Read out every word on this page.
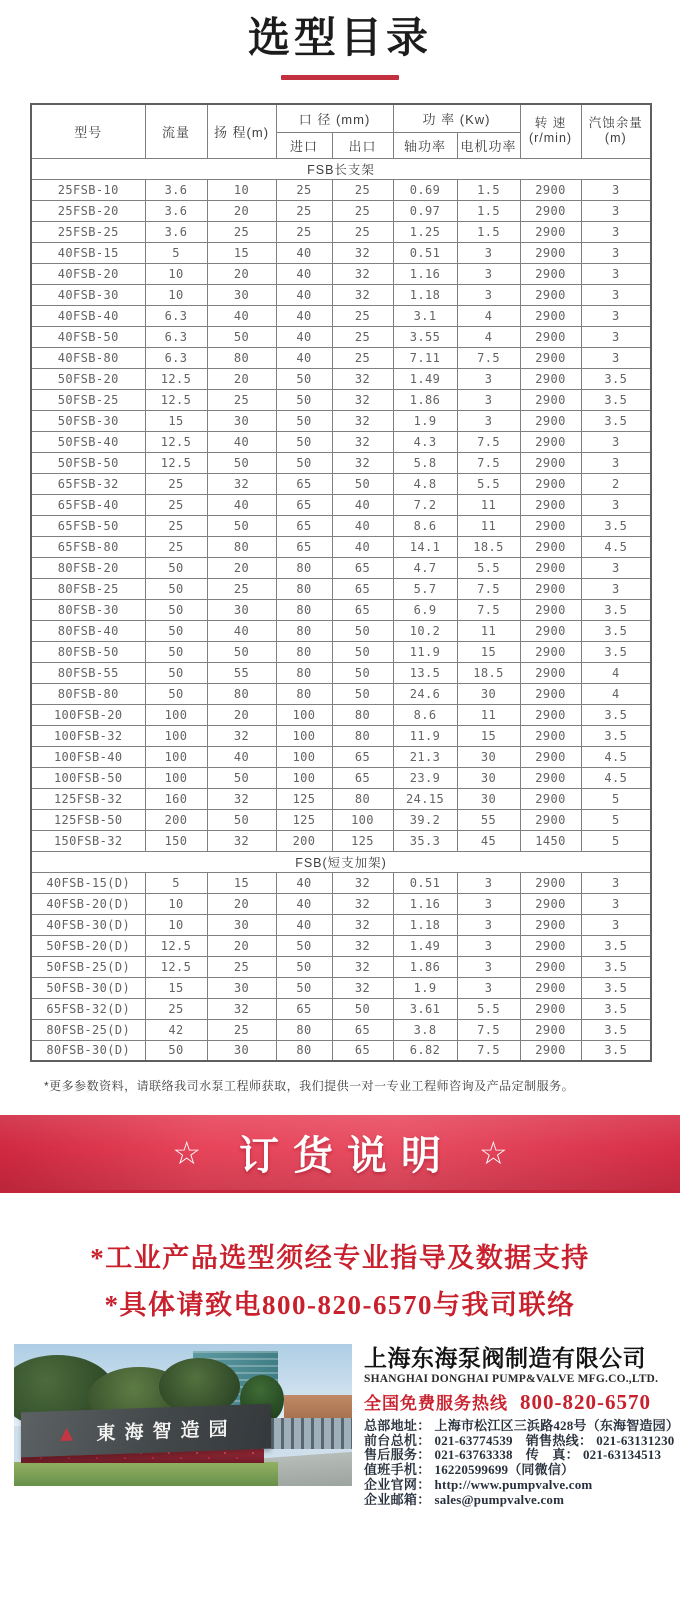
选型目录
型号	流量	扬 程(m)	口 径 (mm)	功 率 (Kw)	转 速
(r/min)

汽蚀余量
(m)

			进口	出口	轴功率	电机功率		
FSB长支架								
25FSB-10	3.6	10	25	25	0.69	1.5	2900	3
25FSB-20	3.6	20	25	25	0.97	1.5	2900	3
25FSB-25	3.6	25	25	25	1.25	1.5	2900	3
40FSB-15	5	15	40	32	0.51	3	2900	3
40FSB-20	10	20	40	32	1.16	3	2900	3
40FSB-30	10	30	40	32	1.18	3	2900	3
40FSB-40	6.3	40	40	25	3.1	4	2900	3
40FSB-50	6.3	50	40	25	3.55	4	2900	3
40FSB-80	6.3	80	40	25	7.11	7.5	2900	3
50FSB-20	12.5	20	50	32	1.49	3	2900	3.5
50FSB-25	12.5	25	50	32	1.86	3	2900	3.5
50FSB-30	15	30	50	32	1.9	3	2900	3.5
50FSB-40	12.5	40	50	32	4.3	7.5	2900	3
50FSB-50	12.5	50	50	32	5.8	7.5	2900	3
65FSB-32	25	32	65	50	4.8	5.5	2900	2
65FSB-40	25	40	65	40	7.2	11	2900	3
65FSB-50	25	50	65	40	8.6	11	2900	3.5
65FSB-80	25	80	65	40	14.1	18.5	2900	4.5
80FSB-20	50	20	80	65	4.7	5.5	2900	3
80FSB-25	50	25	80	65	5.7	7.5	2900	3
80FSB-30	50	30	80	65	6.9	7.5	2900	3.5
80FSB-40	50	40	80	50	10.2	11	2900	3.5
80FSB-50	50	50	80	50	11.9	15	2900	3.5
80FSB-55	50	55	80	50	13.5	18.5	2900	4
80FSB-80	50	80	80	50	24.6	30	2900	4
100FSB-20	100	20	100	80	8.6	11	2900	3.5
100FSB-32	100	32	100	80	11.9	15	2900	3.5
100FSB-40	100	40	100	65	21.3	30	2900	4.5
100FSB-50	100	50	100	65	23.9	30	2900	4.5
125FSB-32	160	32	125	80	24.15	30	2900	5
125FSB-50	200	50	125	100	39.2	55	2900	5
150FSB-32	150	32	200	125	35.3	45	1450	5
FSB(短支加架)								
40FSB-15(D)	5	15	40	32	0.51	3	2900	3
40FSB-20(D)	10	20	40	32	1.16	3	2900	3
40FSB-30(D)	10	30	40	32	1.18	3	2900	3
50FSB-20(D)	12.5	20	50	32	1.49	3	2900	3.5
50FSB-25(D)	12.5	25	50	32	1.86	3	2900	3.5
50FSB-30(D)	15	30	50	32	1.9	3	2900	3.5
65FSB-32(D)	25	32	65	50	3.61	5.5	2900	3.5
80FSB-25(D)	42	25	80	65	3.8	7.5	2900	3.5
80FSB-30(D)	50	30	80	65	6.82	7.5	2900	3.5

*更多参数资料，请联络我司水泵工程师获取，我们提供一对一专业工程师咨询及产品定制服务。

☆ 订货说明 ☆
*工业产品选型须经专业指导及数据支持
*具体请致电800-820-6570与我司联络
▲	東海智造园
上海东海泵阀制造有限公司
SHANGHAI DONGHAI PUMP&VALVE MFG.CO.,LTD.
全国免费服务热线 800-820-6570
总部地址： 上海市松江区三浜路428号（东海智造园）
前台总机： 021-63774539 销售热线： 021-63131230
售后服务： 021-63763338 传　真： 021-63134513
值班手机： 16220599699（同微信）
企业官网： http://www.pumpvalve.com
企业邮箱： sales@pumpvalve.com
